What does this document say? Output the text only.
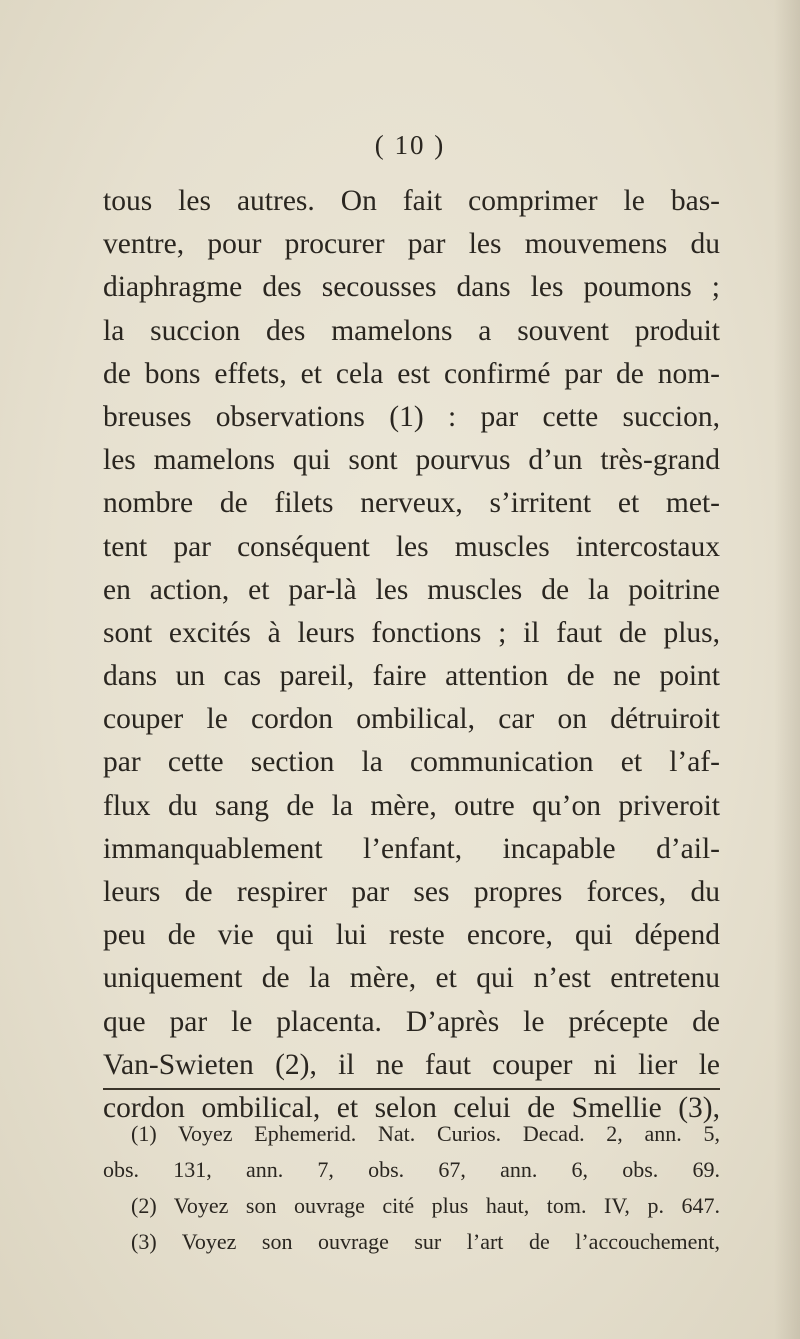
( 10 )
tous les autres. On fait comprimer le bas-
ventre, pour procurer par les mouvemens du
diaphragme des secousses dans les poumons ;
la succion des mamelons a souvent produit
de bons effets, et cela est confirmé par de nom-
breuses observations (1) : par cette succion,
les mamelons qui sont pourvus d’un très-grand
nombre de filets nerveux, s’irritent et met-
tent par conséquent les muscles intercostaux
en action, et par-là les muscles de la poitrine
sont excités à leurs fonctions ; il faut de plus,
dans un cas pareil, faire attention de ne point
couper le cordon ombilical, car on détruiroit
par cette section la communication et l’af-
flux du sang de la mère, outre qu’on priveroit
immanquablement l’enfant, incapable d’ail-
leurs de respirer par ses propres forces, du
peu de vie qui lui reste encore, qui dépend
uniquement de la mère, et qui n’est entretenu
que par le placenta. D’après le précepte de
Van-Swieten (2), il ne faut couper ni lier le
cordon ombilical, et selon celui de Smellie (3),
(1) Voyez Ephemerid. Nat. Curios. Decad. 2, ann. 5,
obs. 131, ann. 7, obs. 67, ann. 6, obs. 69.
(2) Voyez son ouvrage cité plus haut, tom. IV, p. 647.
(3) Voyez son ouvrage sur l’art de l’accouchement,
